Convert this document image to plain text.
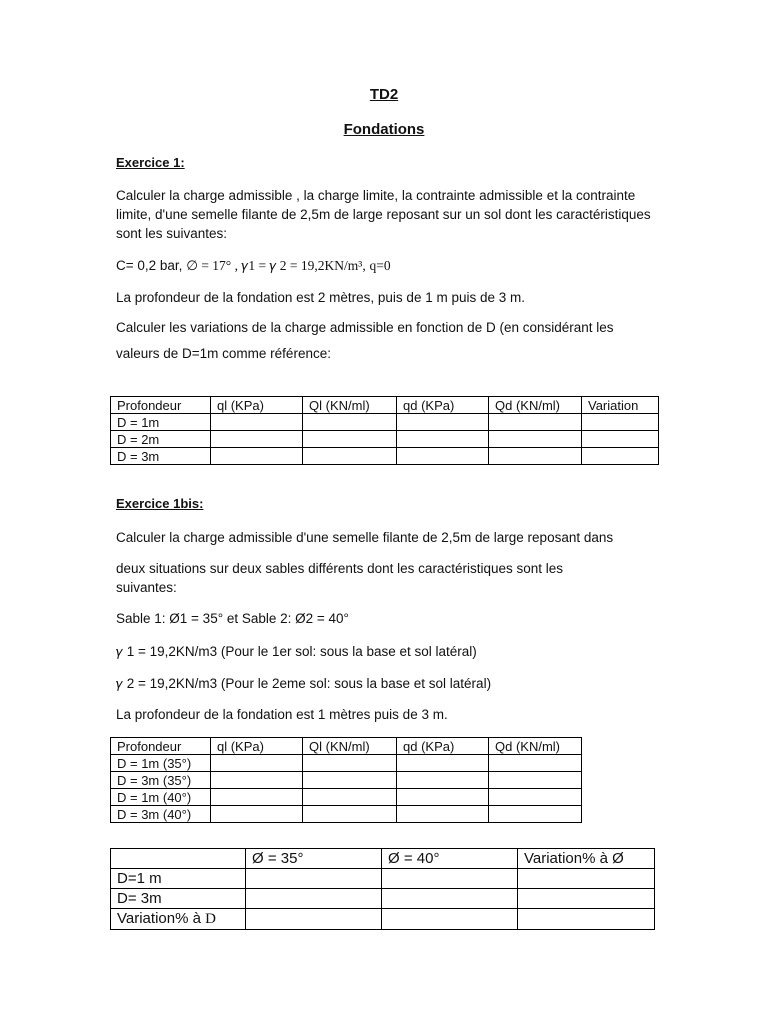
TD2
Fondations
Exercice 1:
Calculer la charge admissible , la charge limite, la contrainte admissible et la contrainte limite, d'une semelle filante de 2,5m de large reposant sur un sol dont les caractéristiques sont les suivantes:
C= 0,2 bar, ∅ = 17° , 𝛾1 = 𝛾 2 = 19,2KN/m³, q=0
La profondeur de la fondation est 2 mètres, puis de 1 m puis de 3 m.
Calculer les variations de la charge admissible en fonction de D (en considérant les
valeurs de D=1m comme référence:
Profondeur	ql (KPa)	Ql (KN/ml)	qd (KPa)	Qd (KN/ml)	Variation
D = 1m					
D = 2m					
D = 3m					
Exercice 1bis:
Calculer la charge admissible d'une semelle filante de 2,5m de large reposant dans
deux situations sur deux sables différents dont les caractéristiques sont les suivantes:
Sable 1: Ø1 = 35° et Sable 2: Ø2 = 40°
𝛾 1 = 19,2KN/m3 (Pour le 1er sol: sous la base et sol latéral)
𝛾 2 = 19,2KN/m3 (Pour le 2eme sol: sous la base et sol latéral)
La profondeur de la fondation est 1 mètres puis de 3 m.
Profondeur	ql (KPa)	Ql (KN/ml)	qd (KPa)	Qd (KN/ml)
D = 1m (35°)				
D = 3m (35°)				
D = 1m (40°)				
D = 3m (40°)				
	Ø = 35°	Ø = 40°	Variation% à Ø
D=1 m			
D= 3m			
Variation% à D			
